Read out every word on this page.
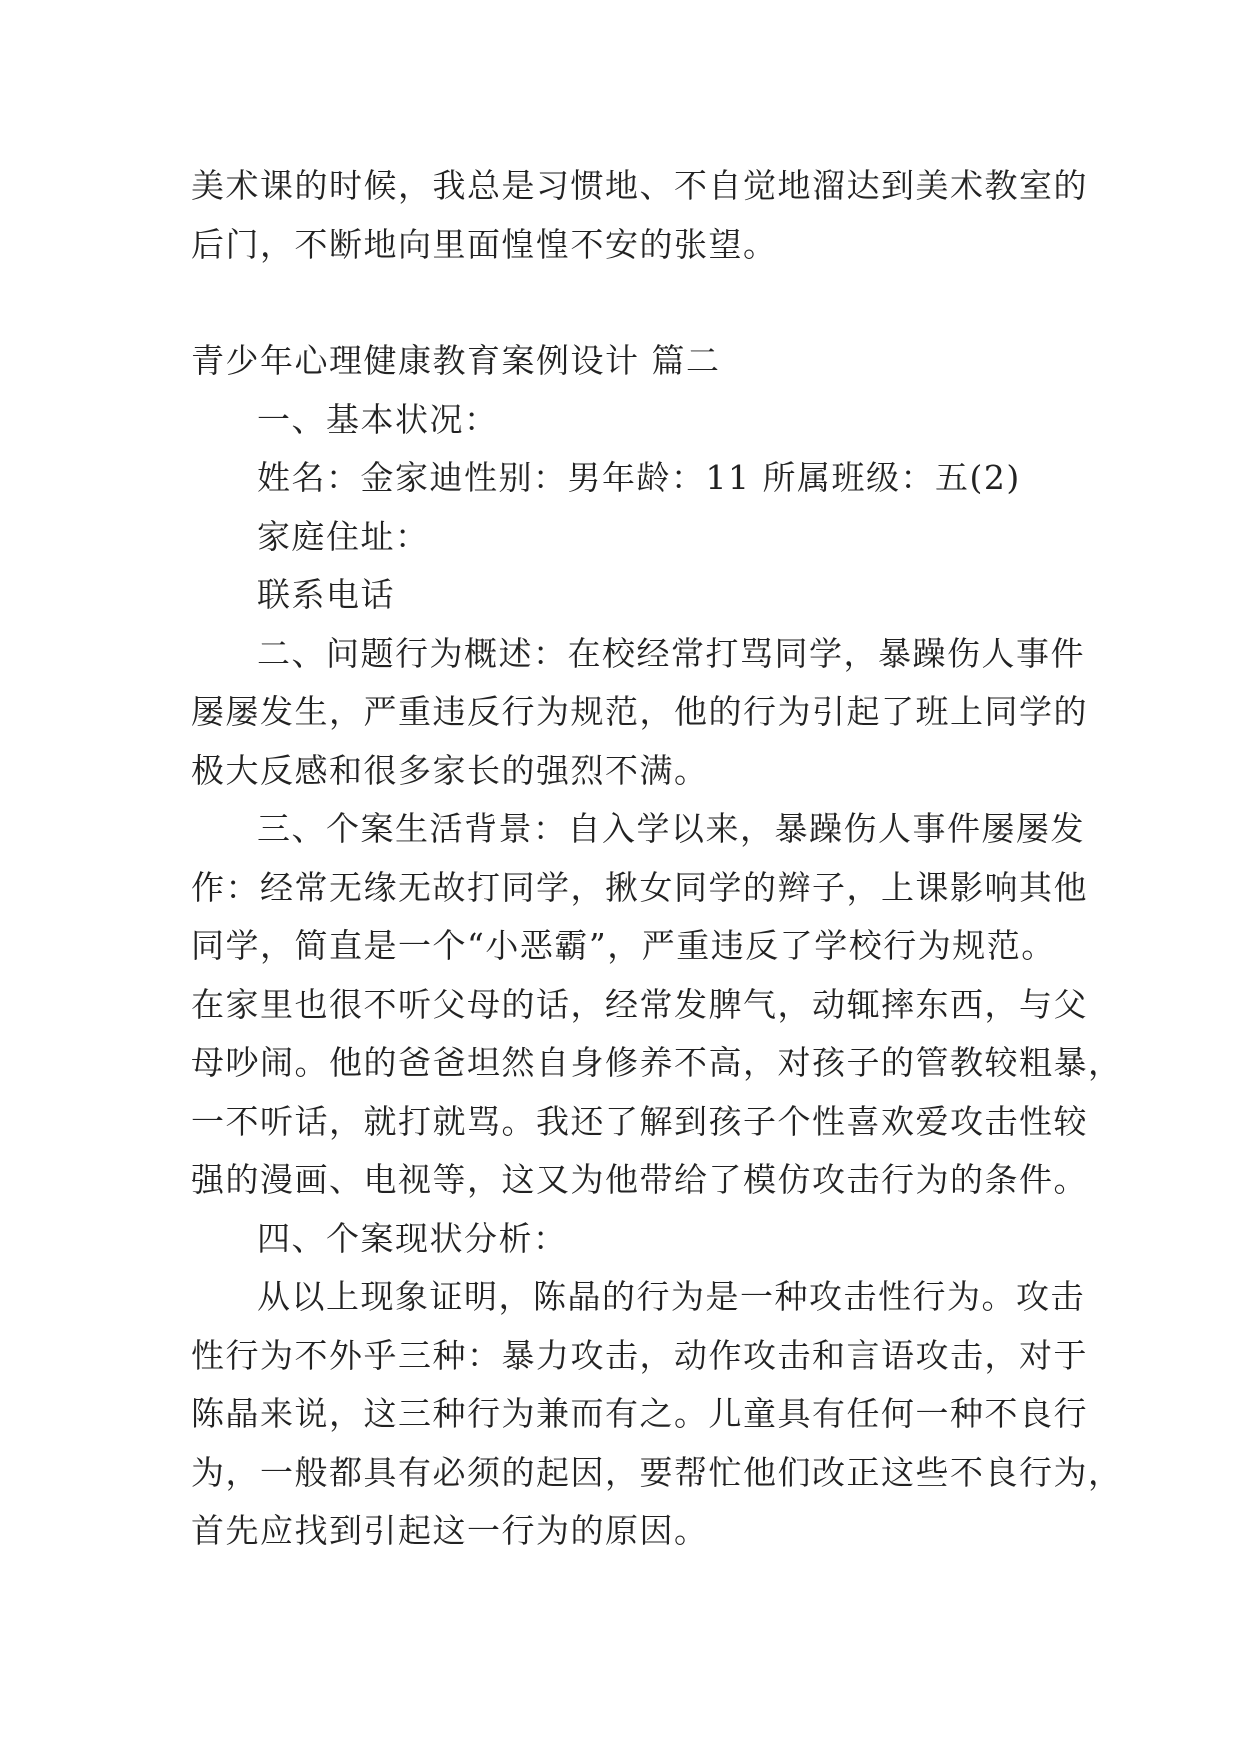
美术课的时候，我总是习惯地、不自觉地溜达到美术教室的
后门，不断地向里面惶惶不安的张望。
青少年心理健康教育案例设计 篇二
一、基本状况：
姓名：金家迪性别：男年龄：11 所属班级：五(2)
家庭住址：
联系电话
二、问题行为概述：在校经常打骂同学，暴躁伤人事件
屡屡发生，严重违反行为规范，他的行为引起了班上同学的
极大反感和很多家长的强烈不满。
三、个案生活背景：自入学以来，暴躁伤人事件屡屡发
作：经常无缘无故打同学，揪女同学的辫子，上课影响其他
同学，简直是一个“小恶霸”，严重违反了学校行为规范。
在家里也很不听父母的话，经常发脾气，动辄摔东西，与父
母吵闹。他的爸爸坦然自身修养不高，对孩子的管教较粗暴，
一不听话，就打就骂。我还了解到孩子个性喜欢爱攻击性较
强的漫画、电视等，这又为他带给了模仿攻击行为的条件。
四、个案现状分析：
从以上现象证明，陈晶的行为是一种攻击性行为。攻击
性行为不外乎三种：暴力攻击，动作攻击和言语攻击，对于
陈晶来说，这三种行为兼而有之。儿童具有任何一种不良行
为，一般都具有必须的起因，要帮忙他们改正这些不良行为，
首先应找到引起这一行为的原因。
